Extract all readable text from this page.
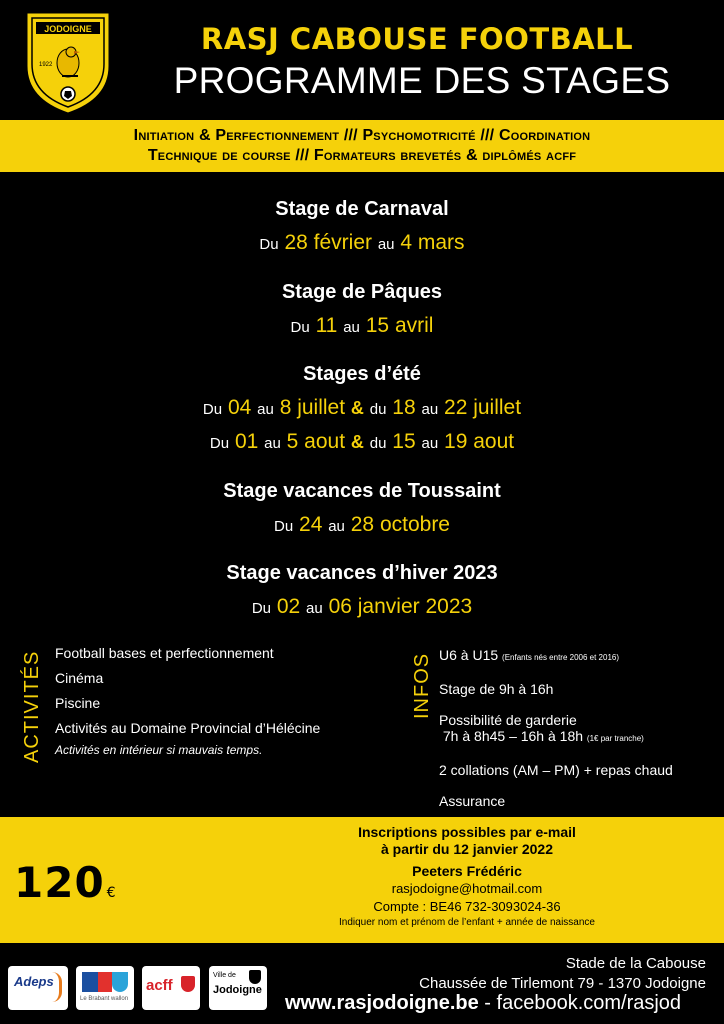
JODOIGNE
1922
RASJ CABOUSE FOOTBALL
PROGRAMME DES STAGES
Initiation & Perfectionnement /// Psychomotricité /// Coordination
Technique de course /// Formateurs brevetés & diplômés acff
Stage de Carnaval
Du 28 février au 4 mars
Stage de Pâques
Du 11 au 15 avril
Stages d’été
Du 04 au 8 juillet & du 18 au 22 juillet
Du 01 au 5 aout & du 15 au 19 aout
Stage vacances de Toussaint
Du 24 au 28 octobre
Stage vacances d’hiver 2023
Du 02 au 06 janvier 2023
ACTIVITÉS Football bases et perfectionnement
Cinéma
Piscine
Activités au Domaine Provincial d’Hélécine
Activités en intérieur si mauvais temps.
INFOS U6 à U15 (Enfants nés entre 2006 et 2016)
Stage de 9h à 16h
Possibilité de garderie
7h à 8h45 – 16h à 18h (1€ par tranche)
2 collations (AM – PM) + repas chaud
Assurance
120 €
Inscriptions possibles par e-mail
à partir du 12 janvier 2022
Peeters Frédéric
rasjodoigne@hotmail.com
Compte : BE46 732-3093024-36
Indiquer nom et prénom de l’enfant + année de naissance
Adeps
Le Brabant wallon
acff
Ville de
Jodoigne
Stade de la Cabouse
Chaussée de Tirlemont 79 - 1370 Jodoigne
www.rasjodoigne.be - facebook.com/rasjod
